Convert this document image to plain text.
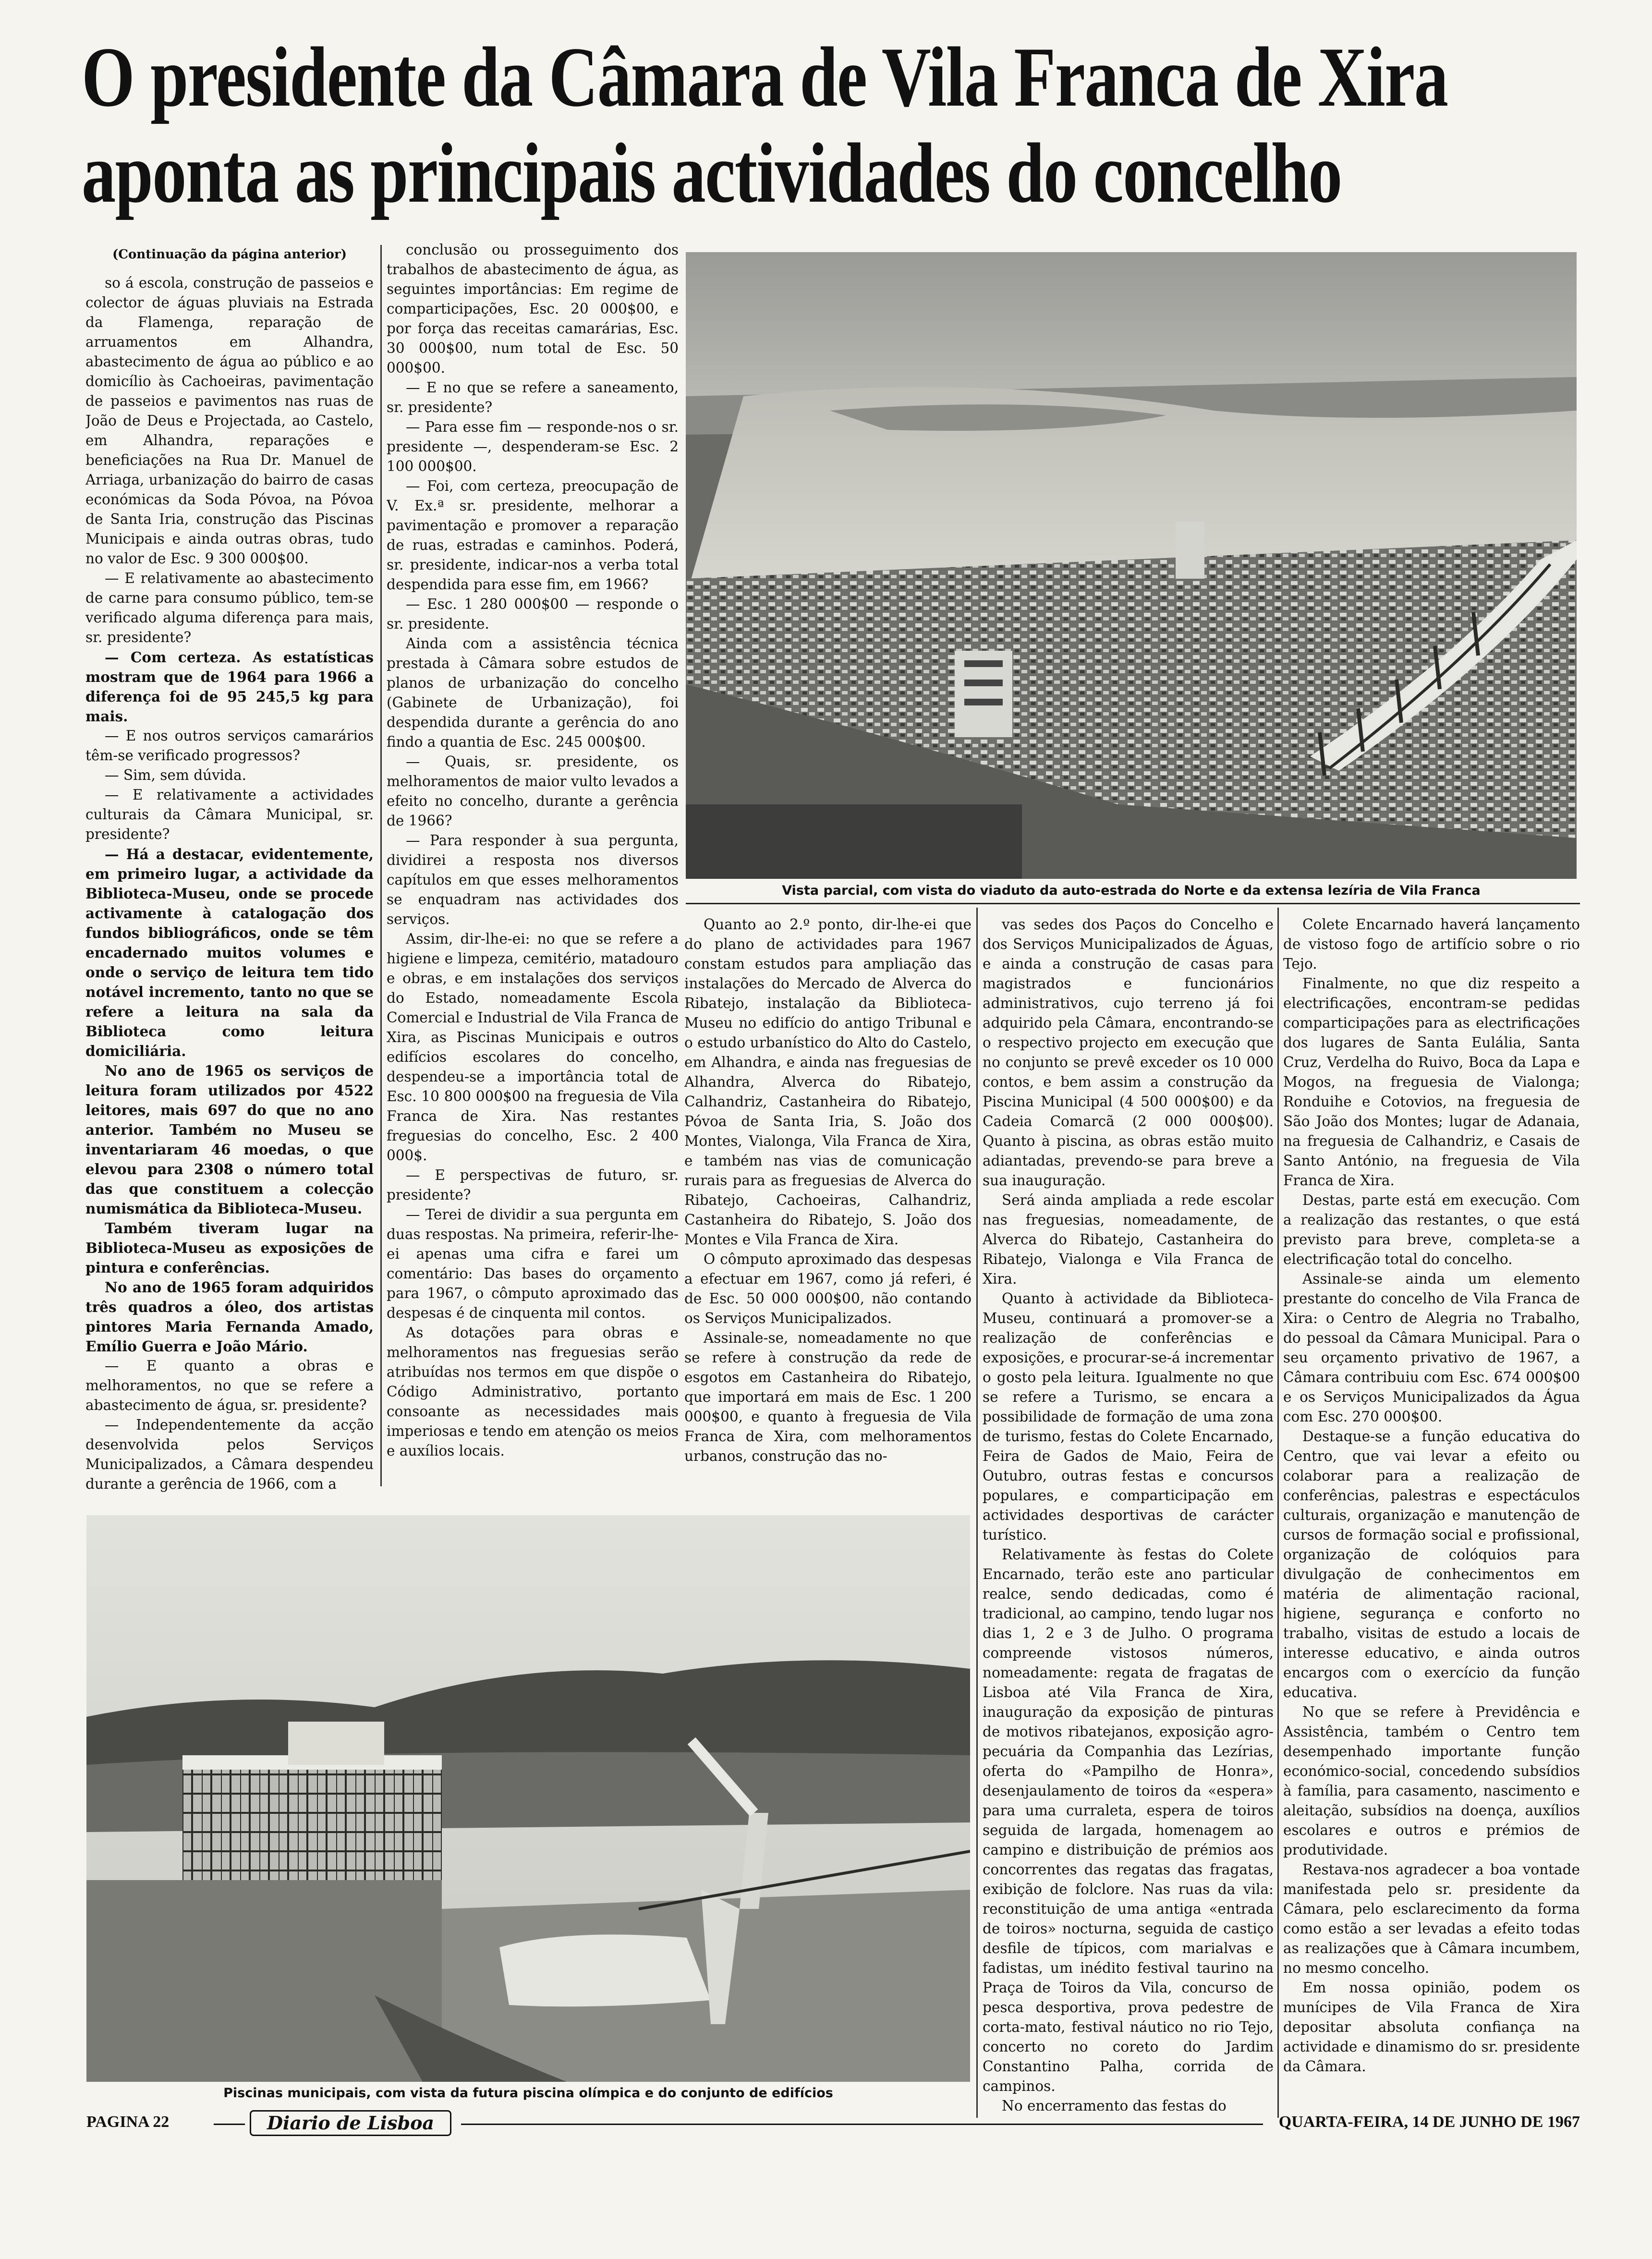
O presidente da Câmara de Vila Franca de Xira
aponta as principais actividades do concelho

(Continuação da página anterior)

so á escola, construção de passeios e colector de águas pluviais na Estrada da Flamenga, reparação de arruamentos em Alhandra, abastecimento de água ao público e ao domicílio às Cachoeiras, pavimentação de passeios e pavimentos nas ruas de João de Deus e Projectada, ao Castelo, em Alhandra, reparações e beneficiações na Rua Dr. Manuel de Arriaga, urbanização do bairro de casas económicas da Soda Póvoa, na Póvoa de Santa Iria, construção das Piscinas Municipais e ainda outras obras, tudo no valor de Esc. 9 300 000$00.

— E relativamente ao abastecimento de carne para consumo público, tem-se verificado alguma diferença para mais, sr. presidente?

— Com certeza. As estatísticas mostram que de 1964 para 1966 a diferença foi de 95 245,5 kg para mais.

— E nos outros serviços camarários têm-se verificado progressos?

— Sim, sem dúvida.

— E relativamente a actividades culturais da Câmara Municipal, sr. presidente?

— Há a destacar, evidentemente, em primeiro lugar, a actividade da Biblioteca-Museu, onde se procede activamente à catalogação dos fundos bibliográficos, onde se têm encadernado muitos volumes e onde o serviço de leitura tem tido notável incremento, tanto no que se refere a leitura na sala da Biblioteca como leitura domiciliária.

No ano de 1965 os serviços de leitura foram utilizados por 4522 leitores, mais 697 do que no ano anterior. Também no Museu se inventariaram 46 moedas, o que elevou para 2308 o número total das que constituem a colecção numismática da Biblioteca-Museu.

Também tiveram lugar na Biblioteca-Museu as exposições de pintura e conferências.

No ano de 1965 foram adquiridos três quadros a óleo, dos artistas pintores Maria Fernanda Amado, Emílio Guerra e João Mário.

— E quanto a obras e melhoramentos, no que se refere a abastecimento de água, sr. presidente?

— Independentemente da acção desenvolvida pelos Serviços Municipalizados, a Câmara despendeu durante a gerência de 1966, com a

conclusão ou prosseguimento dos trabalhos de abastecimento de água, as seguintes importâncias: Em regime de comparticipações, Esc. 20 000$00, e por força das receitas camarárias, Esc. 30 000$00, num total de Esc. 50 000$00.

— E no que se refere a saneamento, sr. presidente?

— Para esse fim — responde-nos o sr. presidente —, despenderam-se Esc. 2 100 000$00.

— Foi, com certeza, preocupação de V. Ex.ª sr. presidente, melhorar a pavimentação e promover a reparação de ruas, estradas e caminhos. Poderá, sr. presidente, indicar-nos a verba total despendida para esse fim, em 1966?

— Esc. 1 280 000$00 — responde o sr. presidente.

Ainda com a assistência técnica prestada à Câmara sobre estudos de planos de urbanização do concelho (Gabinete de Urbanização), foi despendida durante a gerência do ano findo a quantia de Esc. 245 000$00.

— Quais, sr. presidente, os melhoramentos de maior vulto levados a efeito no concelho, durante a gerência de 1966?

— Para responder à sua pergunta, dividirei a resposta nos diversos capítulos em que esses melhoramentos se enquadram nas actividades dos serviços.

Assim, dir-lhe-ei: no que se refere a higiene e limpeza, cemitério, matadouro e obras, e em instalações dos serviços do Estado, nomeadamente Escola Comercial e Industrial de Vila Franca de Xira, as Piscinas Municipais e outros edifícios escolares do concelho, despendeu-se a importância total de Esc. 10 800 000$00 na freguesia de Vila Franca de Xira. Nas restantes freguesias do concelho, Esc. 2 400 000$.

— E perspectivas de futuro, sr. presidente?

— Terei de dividir a sua pergunta em duas respostas. Na primeira, referir-lhe-ei apenas uma cifra e farei um comentário: Das bases do orçamento para 1967, o cômputo aproximado das despesas é de cinquenta mil contos.

As dotações para obras e melhoramentos nas freguesias serão atribuídas nos termos em que dispõe o Código Administrativo, portanto consoante as necessidades mais imperiosas e tendo em atenção os meios e auxílios locais.

Vista parcial, com vista do viaduto da auto-estrada do Norte e da extensa lezíria de Vila Franca

Quanto ao 2.º ponto, dir-lhe-ei que do plano de actividades para 1967 constam estudos para ampliação das instalações do Mercado de Alverca do Ribatejo, instalação da Biblioteca-Museu no edifício do antigo Tribunal e o estudo urbanístico do Alto do Castelo, em Alhandra, e ainda nas freguesias de Alhandra, Alverca do Ribatejo, Calhandriz, Castanheira do Ribatejo, Póvoa de Santa Iria, S. João dos Montes, Vialonga, Vila Franca de Xira, e também nas vias de comunicação rurais para as freguesias de Alverca do Ribatejo, Cachoeiras, Calhandriz, Castanheira do Ribatejo, S. João dos Montes e Vila Franca de Xira.

O cômputo aproximado das despesas a efectuar em 1967, como já referi, é de Esc. 50 000 000$00, não contando os Serviços Municipalizados.

Assinale-se, nomeadamente no que se refere à construção da rede de esgotos em Castanheira do Ribatejo, que importará em mais de Esc. 1 200 000$00, e quanto à freguesia de Vila Franca de Xira, com melhoramentos urbanos, construção das no-

vas sedes dos Paços do Concelho e dos Serviços Municipalizados de Águas, e ainda a construção de casas para magistrados e funcionários administrativos, cujo terreno já foi adquirido pela Câmara, encontrando-se o respectivo projecto em execução que no conjunto se prevê exceder os 10 000 contos, e bem assim a construção da Piscina Municipal (4 500 000$00) e da Cadeia Comarcã (2 000 000$00). Quanto à piscina, as obras estão muito adiantadas, prevendo-se para breve a sua inauguração.

Será ainda ampliada a rede escolar nas freguesias, nomeadamente, de Alverca do Ribatejo, Castanheira do Ribatejo, Vialonga e Vila Franca de Xira.

Quanto à actividade da Biblioteca-Museu, continuará a promover-se a realização de conferências e exposições, e procurar-se-á incrementar o gosto pela leitura. Igualmente no que se refere a Turismo, se encara a possibilidade de formação de uma zona de turismo, festas do Colete Encarnado, Feira de Gados de Maio, Feira de Outubro, outras festas e concursos populares, e comparticipação em actividades desportivas de carácter turístico.

Relativamente às festas do Colete Encarnado, terão este ano particular realce, sendo dedicadas, como é tradicional, ao campino, tendo lugar nos dias 1, 2 e 3 de Julho. O programa compreende vistosos números, nomeadamente: regata de fragatas de Lisboa até Vila Franca de Xira, inauguração da exposição de pinturas de motivos ribatejanos, exposição agro-pecuária da Companhia das Lezírias, oferta do «Pampilho de Honra», desenjaulamento de toiros da «espera» para uma curraleta, espera de toiros seguida de largada, homenagem ao campino e distribuição de prémios aos concorrentes das regatas das fragatas, exibição de folclore. Nas ruas da vila: reconstituição de uma antiga «entrada de toiros» nocturna, seguida de castiço desfile de típicos, com marialvas e fadistas, um inédito festival taurino na Praça de Toiros da Vila, concurso de pesca desportiva, prova pedestre de corta-mato, festival náutico no rio Tejo, concerto no coreto do Jardim Constantino Palha, corrida de campinos.

No encerramento das festas do

Colete Encarnado haverá lançamento de vistoso fogo de artifício sobre o rio Tejo.

Finalmente, no que diz respeito a electrificações, encontram-se pedidas comparticipações para as electrificações dos lugares de Santa Eulália, Santa Cruz, Verdelha do Ruivo, Boca da Lapa e Mogos, na freguesia de Vialonga; Ronduihe e Cotovios, na freguesia de São João dos Montes; lugar de Adanaia, na freguesia de Calhandriz, e Casais de Santo António, na freguesia de Vila Franca de Xira.

Destas, parte está em execução. Com a realização das restantes, o que está previsto para breve, completa-se a electrificação total do concelho.

Assinale-se ainda um elemento prestante do concelho de Vila Franca de Xira: o Centro de Alegria no Trabalho, do pessoal da Câmara Municipal. Para o seu orçamento privativo de 1967, a Câmara contribuiu com Esc. 674 000$00 e os Serviços Municipalizados da Água com Esc. 270 000$00.

Destaque-se a função educativa do Centro, que vai levar a efeito ou colaborar para a realização de conferências, palestras e espectáculos culturais, organização e manutenção de cursos de formação social e profissional, organização de colóquios para divulgação de conhecimentos em matéria de alimentação racional, higiene, segurança e conforto no trabalho, visitas de estudo a locais de interesse educativo, e ainda outros encargos com o exercício da função educativa.

No que se refere à Previdência e Assistência, também o Centro tem desempenhado importante função económico-social, concedendo subsídios à família, para casamento, nascimento e aleitação, subsídios na doença, auxílios escolares e outros e prémios de produtividade.

Restava-nos agradecer a boa vontade manifestada pelo sr. presidente da Câmara, pelo esclarecimento da forma como estão a ser levadas a efeito todas as realizações que à Câmara incumbem, no mesmo concelho.

Em nossa opinião, podem os munícipes de Vila Franca de Xira depositar absoluta confiança na actividade e dinamismo do sr. presidente da Câmara.

Piscinas municipais, com vista da futura piscina olímpica e do conjunto de edifícios
PAGINA 22	Diario de Lisboa	QUARTA-FEIRA, 14 DE JUNHO DE 1967
